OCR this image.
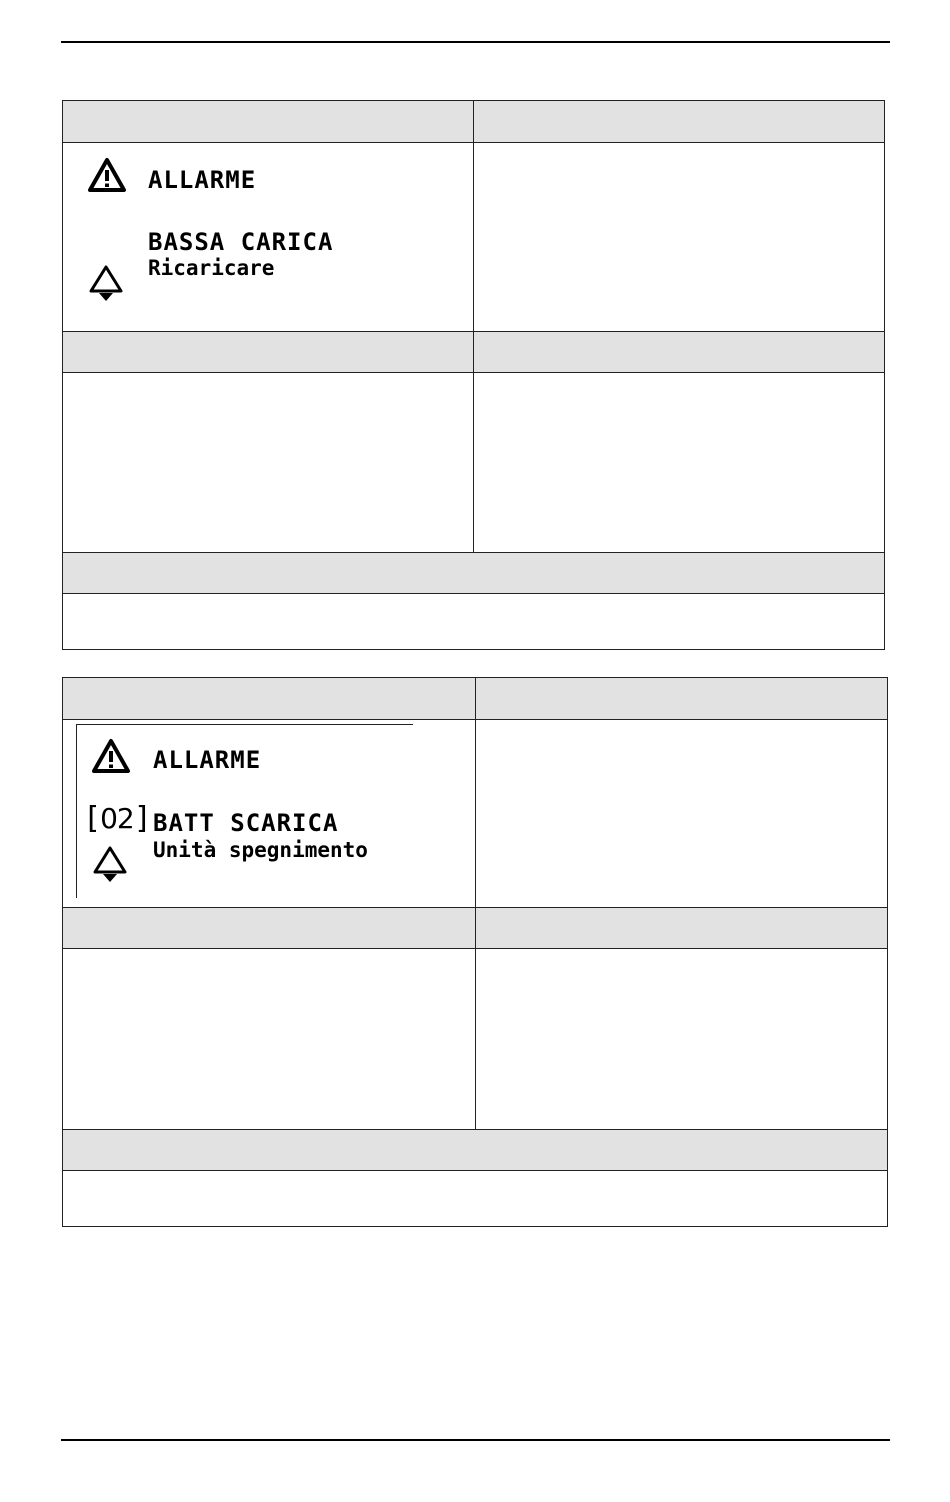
ALLARME
BASSA CARICA
Ricaricare
ALLARME
[02] BATT SCARICA
Unità spegnimento
